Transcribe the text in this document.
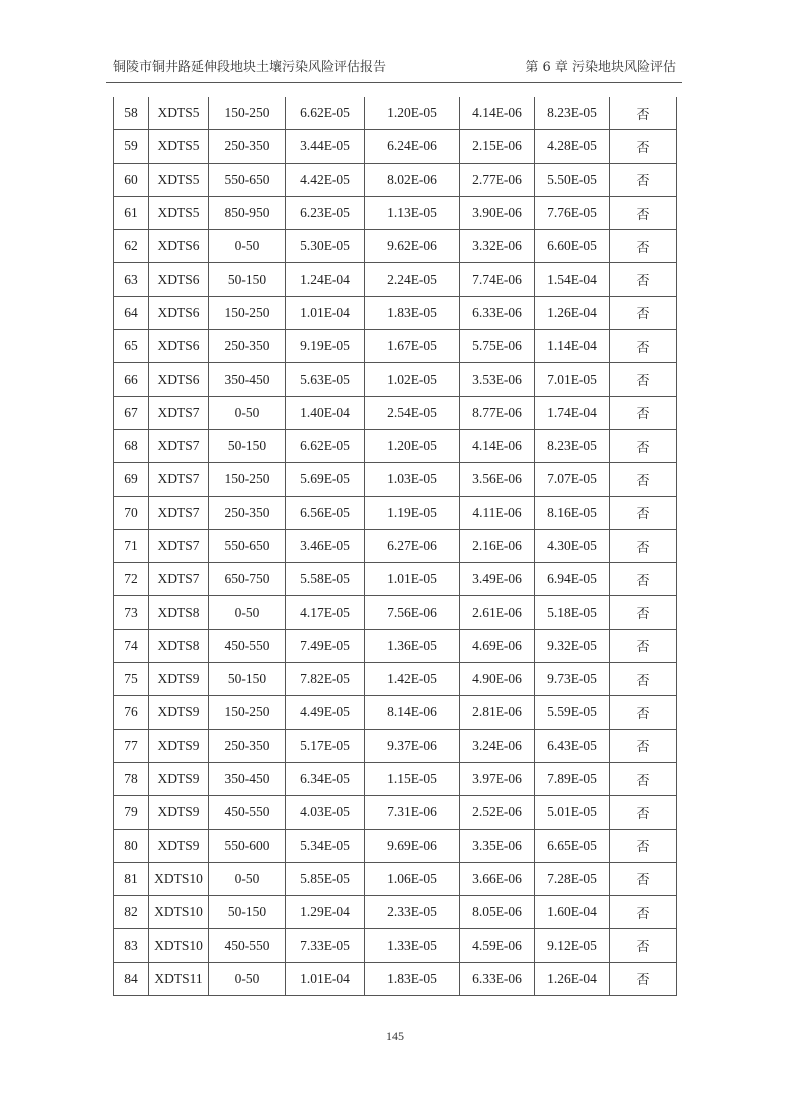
铜陵市铜井路延伸段地块土壤污染风险评估报告	第 6 章 污染地块风险评估
58	XDTS5	150-250	6.62E-05	1.20E-05	4.14E-06	8.23E-05	否
59	XDTS5	250-350	3.44E-05	6.24E-06	2.15E-06	4.28E-05	否
60	XDTS5	550-650	4.42E-05	8.02E-06	2.77E-06	5.50E-05	否
61	XDTS5	850-950	6.23E-05	1.13E-05	3.90E-06	7.76E-05	否
62	XDTS6	0-50	5.30E-05	9.62E-06	3.32E-06	6.60E-05	否
63	XDTS6	50-150	1.24E-04	2.24E-05	7.74E-06	1.54E-04	否
64	XDTS6	150-250	1.01E-04	1.83E-05	6.33E-06	1.26E-04	否
65	XDTS6	250-350	9.19E-05	1.67E-05	5.75E-06	1.14E-04	否
66	XDTS6	350-450	5.63E-05	1.02E-05	3.53E-06	7.01E-05	否
67	XDTS7	0-50	1.40E-04	2.54E-05	8.77E-06	1.74E-04	否
68	XDTS7	50-150	6.62E-05	1.20E-05	4.14E-06	8.23E-05	否
69	XDTS7	150-250	5.69E-05	1.03E-05	3.56E-06	7.07E-05	否
70	XDTS7	250-350	6.56E-05	1.19E-05	4.11E-06	8.16E-05	否
71	XDTS7	550-650	3.46E-05	6.27E-06	2.16E-06	4.30E-05	否
72	XDTS7	650-750	5.58E-05	1.01E-05	3.49E-06	6.94E-05	否
73	XDTS8	0-50	4.17E-05	7.56E-06	2.61E-06	5.18E-05	否
74	XDTS8	450-550	7.49E-05	1.36E-05	4.69E-06	9.32E-05	否
75	XDTS9	50-150	7.82E-05	1.42E-05	4.90E-06	9.73E-05	否
76	XDTS9	150-250	4.49E-05	8.14E-06	2.81E-06	5.59E-05	否
77	XDTS9	250-350	5.17E-05	9.37E-06	3.24E-06	6.43E-05	否
78	XDTS9	350-450	6.34E-05	1.15E-05	3.97E-06	7.89E-05	否
79	XDTS9	450-550	4.03E-05	7.31E-06	2.52E-06	5.01E-05	否
80	XDTS9	550-600	5.34E-05	9.69E-06	3.35E-06	6.65E-05	否
81	XDTS10	0-50	5.85E-05	1.06E-05	3.66E-06	7.28E-05	否
82	XDTS10	50-150	1.29E-04	2.33E-05	8.05E-06	1.60E-04	否
83	XDTS10	450-550	7.33E-05	1.33E-05	4.59E-06	9.12E-05	否
84	XDTS11	0-50	1.01E-04	1.83E-05	6.33E-06	1.26E-04	否
145
